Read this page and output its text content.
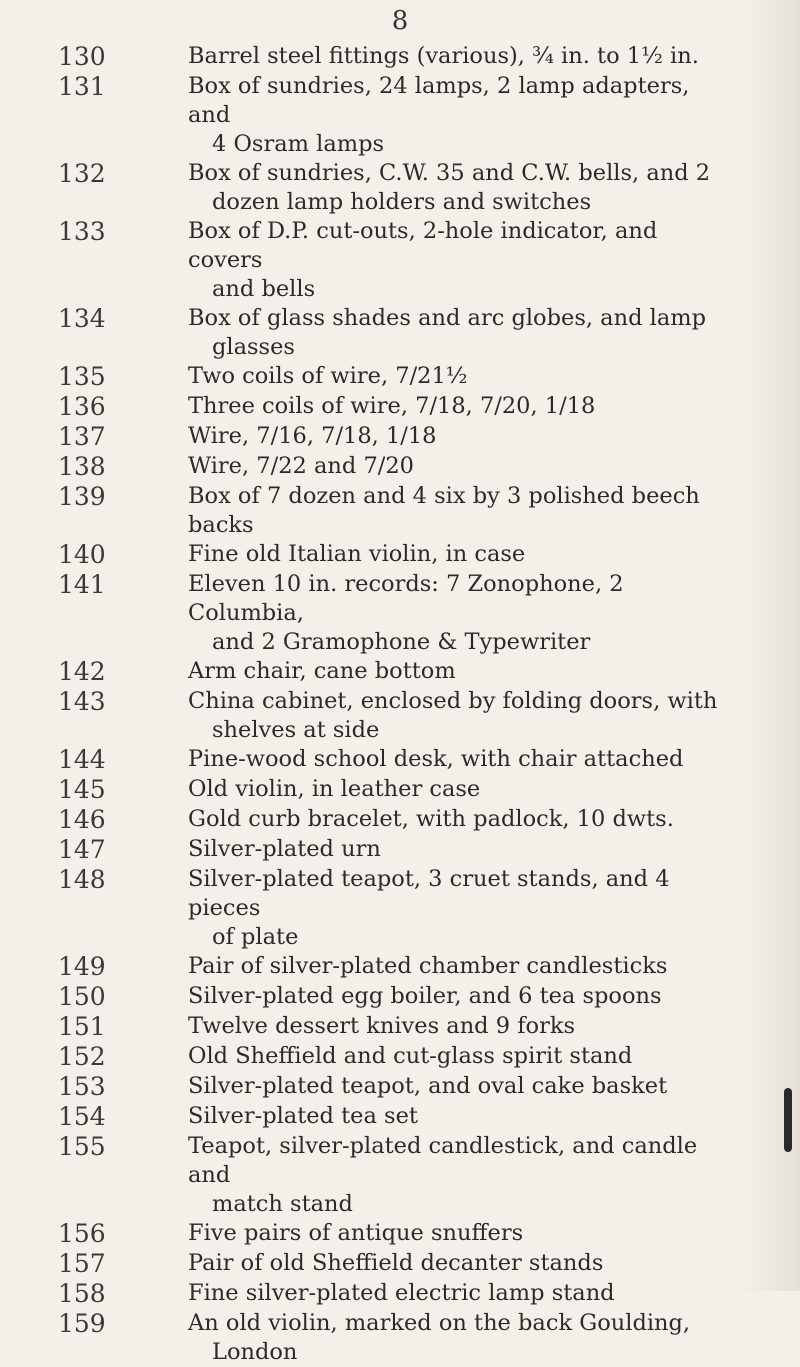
8
130	Barrel steel fittings (various), ¾ in. to 1½ in.
131	Box of sundries, 24 lamps, 2 lamp adapters, and
4 Osram lamps
132	Box of sundries, C.W. 35 and C.W. bells, and 2
dozen lamp holders and switches
133	Box of D.P. cut-outs, 2-hole indicator, and covers
and bells
134	Box of glass shades and arc globes, and lamp
glasses
135	Two coils of wire, 7/21½
136	Three coils of wire, 7/18, 7/20, 1/18
137	Wire, 7/16, 7/18, 1/18
138	Wire, 7/22 and 7/20
139	Box of 7 dozen and 4 six by 3 polished beech backs
140	Fine old Italian violin, in case
141	Eleven 10 in. records: 7 Zonophone, 2 Columbia,
and 2 Gramophone & Typewriter
142	Arm chair, cane bottom
143	China cabinet, enclosed by folding doors, with
shelves at side
144	Pine-wood school desk, with chair attached
145	Old violin, in leather case
146	Gold curb bracelet, with padlock, 10 dwts.
147	Silver-plated urn
148	Silver-plated teapot, 3 cruet stands, and 4 pieces
of plate
149	Pair of silver-plated chamber candlesticks
150	Silver-plated egg boiler, and 6 tea spoons
151	Twelve dessert knives and 9 forks
152	Old Sheffield and cut-glass spirit stand
153	Silver-plated teapot, and oval cake basket
154	Silver-plated tea set
155	Teapot, silver-plated candlestick, and candle and
match stand
156	Five pairs of antique snuffers
157	Pair of old Sheffield decanter stands
158	Fine silver-plated electric lamp stand
159	An old violin, marked on the back Goulding,
London
